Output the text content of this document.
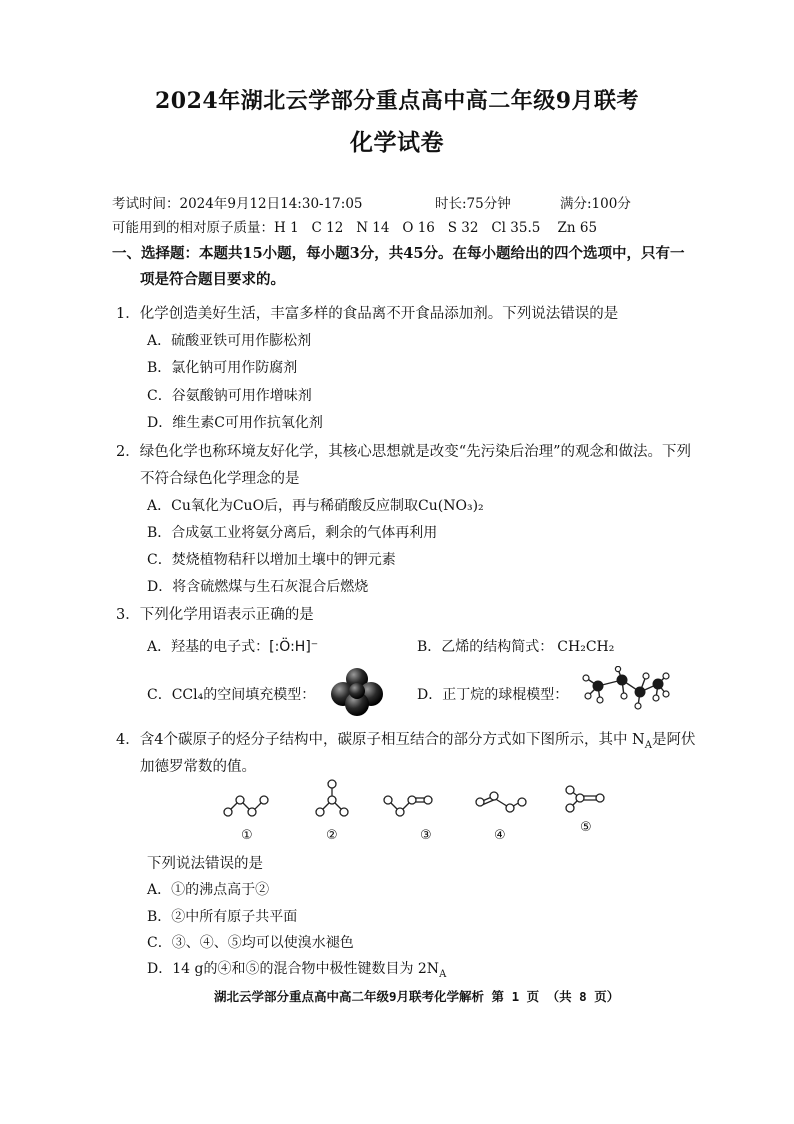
2024年湖北云学部分重点高中高二年级9月联考
化学试卷
考试时间：2024年9月12日14:30-17:05	时长:75分钟	满分:100分
可能用到的相对原子质量：H 1   C 12   N 14   O 16   S 32   Cl 35.5    Zn 65
一、选择题：本题共15小题，每小题3分，共45分。在每小题给出的四个选项中，只有一
项是符合题目要求的。
1．化学创造美好生活，丰富多样的食品离不开食品添加剂。下列说法错误的是
A．硫酸亚铁可用作膨松剂
B．氯化钠可用作防腐剂
C．谷氨酸钠可用作增味剂
D．维生素C可用作抗氧化剂
2．绿色化学也称环境友好化学，其核心思想就是改变“先污染后治理”的观念和做法。下列
不符合绿色化学理念的是
A．Cu氧化为CuO后，再与稀硝酸反应制取Cu(NO₃)₂
B．合成氨工业将氨分离后，剩余的气体再利用
C．焚烧植物秸秆以增加土壤中的钾元素
D．将含硫燃煤与生石灰混合后燃烧
3．下列化学用语表示正确的是
A．羟基的电子式：[:Ö:H]⁻	B．乙烯的结构简式： CH₂CH₂
C．CCl₄的空间填充模型：	D．正丁烷的球棍模型：
4．含4个碳原子的烃分子结构中，碳原子相互结合的部分方式如下图所示，其中 $N_A$是阿伏
加德罗常数的值。
①	②	③	④
⑤
下列说法错误的是
A．①的沸点高于②
B．②中所有原子共平面
C．③、④、⑤均可以使溴水褪色
D．14 g的④和⑤的混合物中极性键数目为 $2N_A$
湖北云学部分重点高中高二年级9月联考化学解析 第 1 页 （共 8 页）
